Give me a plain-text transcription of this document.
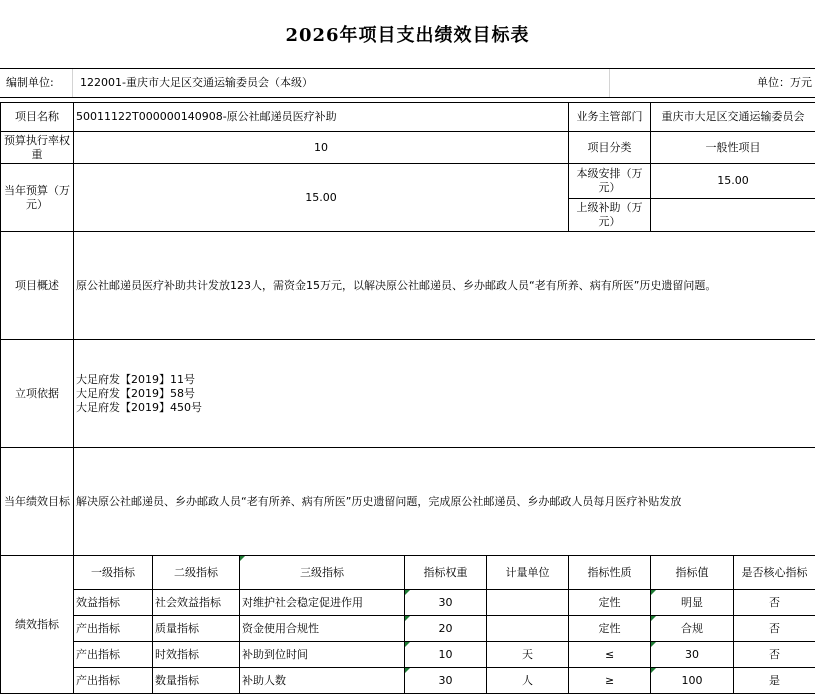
2026年项目支出绩效目标表
编制单位: 122001-重庆市大足区交通运输委员会（本级）	单位：万元
项目名称	50011122T000000140908-原公社邮递员医疗补助					业务主管部门	重庆市大足区交通运输委员会	
预算执行率权重	10					项目分类	一般性项目	
当年预算（万元）	15.00					本级安排（万元）	15.00	
						上级补助（万元）		
项目概述	原公社邮递员医疗补助共计发放123人，需资金15万元，以解决原公社邮递员、乡办邮政人员“老有所养、病有所医”历史遗留问题。							
立项依据	大足府发【2019】11号
大足府发【2019】58号
大足府发【2019】450号							

当年绩效目标	解决原公社邮递员、乡办邮政人员“老有所养、病有所医”历史遗留问题，完成原公社邮递员、乡办邮政人员每月医疗补贴发放							
绩效指标	一级指标	二级指标	三级指标	指标权重	计量单位	指标性质	指标值	是否核心指标
	效益指标	社会效益指标	对维护社会稳定促进作用	30		定性	明显	否
	产出指标	质量指标	资金使用合规性	20		定性	合规	否
	产出指标	时效指标	补助到位时间	10	天	≤	30	否
	产出指标	数量指标	补助人数	30	人	≥	100	是
